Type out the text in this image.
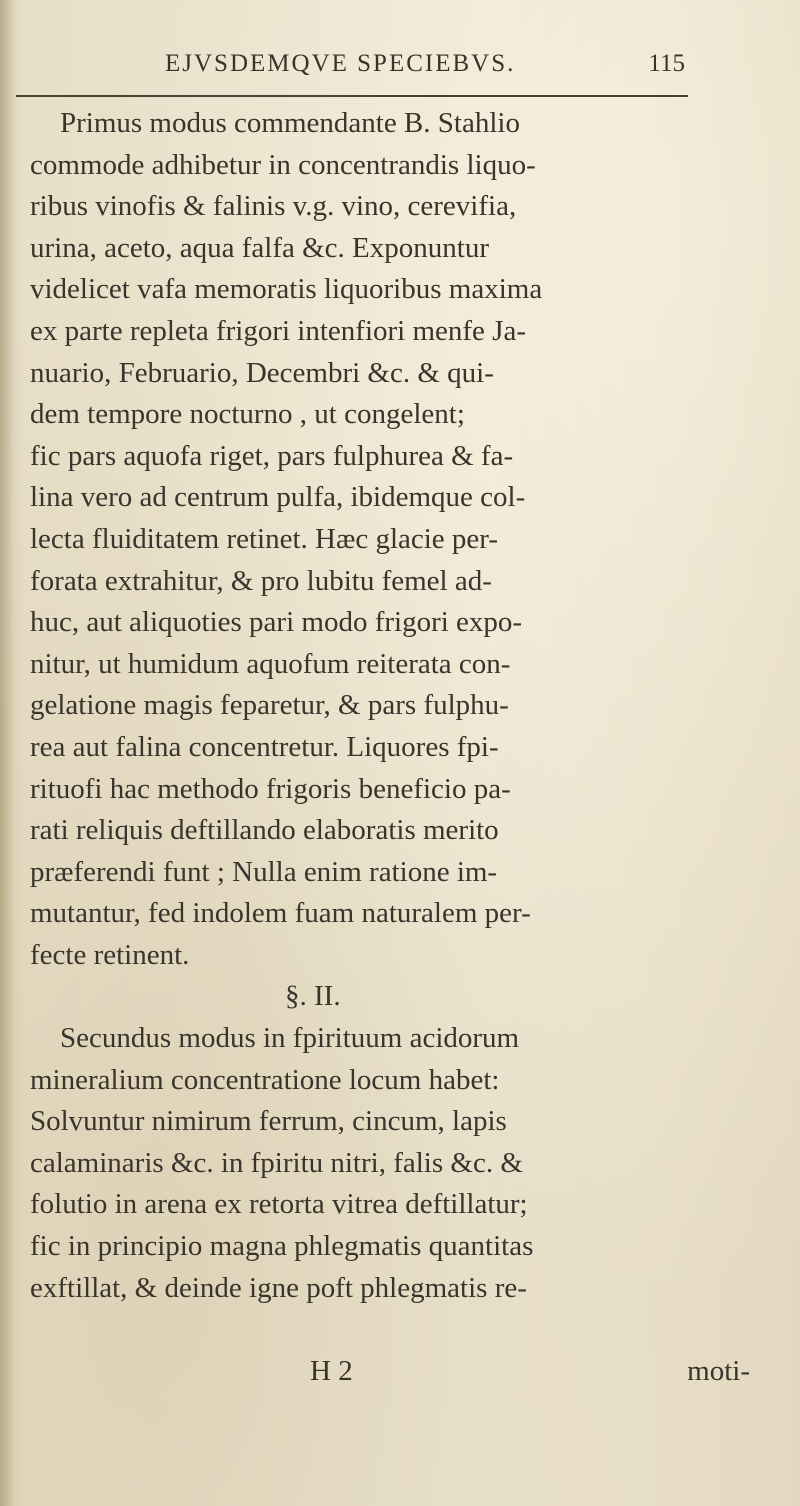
EJVSDEMQVE SPECIEBVS.	115
Primus modus commendante B. Stahlio
commode adhibetur in concentrandis liquo-
ribus vinofis & falinis v.g. vino, cerevifia,
urina, aceto, aqua falfa &c. Exponuntur
videlicet vafa memoratis liquoribus maxima
ex parte repleta frigori intenfiori menfe Ja-
nuario, Februario, Decembri &c. & qui-
dem tempore nocturno , ut congelent;
fic pars aquofa riget, pars fulphurea & fa-
lina vero ad centrum pulfa, ibidemque col-
lecta fluiditatem retinet. Hæc glacie per-
forata extrahitur, & pro lubitu femel ad-
huc, aut aliquoties pari modo frigori expo-
nitur, ut humidum aquofum reiterata con-
gelatione magis feparetur, & pars fulphu-
rea aut falina concentretur. Liquores fpi-
rituofi hac methodo frigoris beneficio pa-
rati reliquis deftillando elaboratis merito
præferendi funt ; Nulla enim ratione im-
mutantur, fed indolem fuam naturalem per-
fecte retinent.
§. II.
Secundus modus in fpirituum acidorum
mineralium concentratione locum habet:
Solvuntur nimirum ferrum, cincum, lapis
calaminaris &c. in fpiritu nitri, falis &c. &
folutio in arena ex retorta vitrea deftillatur;
fic in principio magna phlegmatis quantitas
exftillat, & deinde igne poft phlegmatis re-
H 2	moti-
